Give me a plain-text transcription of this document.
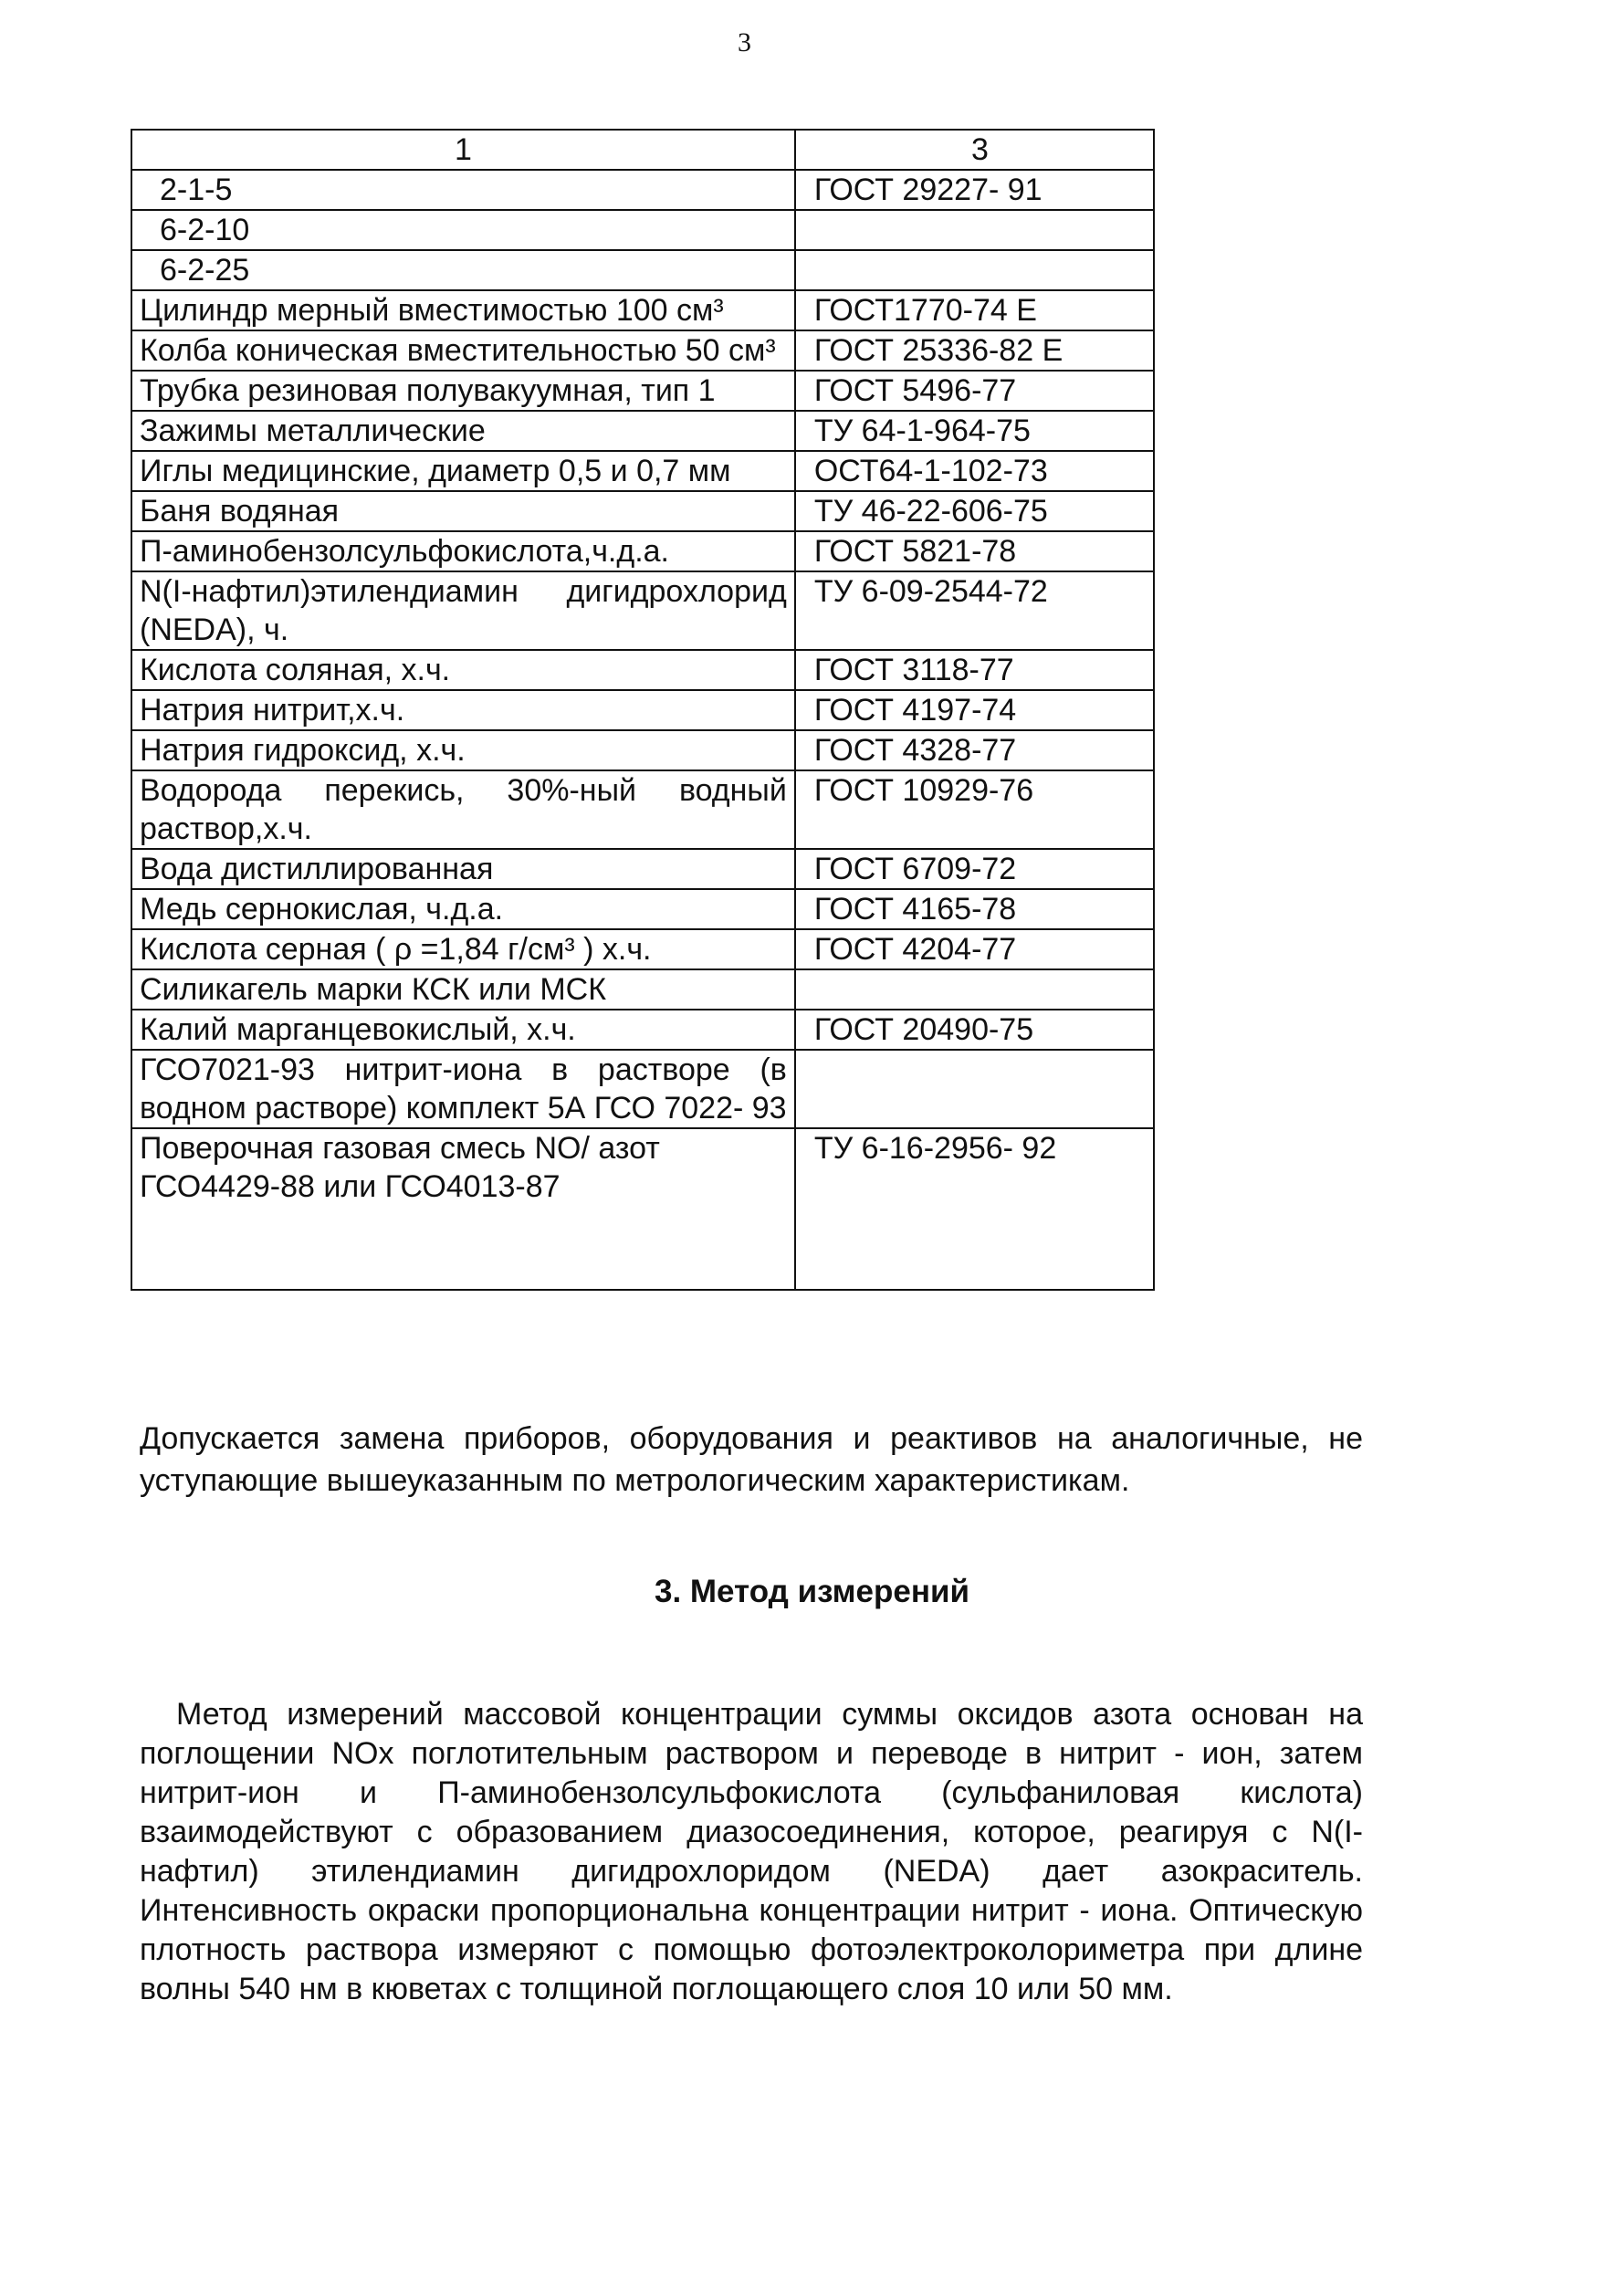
3
1	3
2-1-5	ГОСТ 29227- 91
6-2-10	
6-2-25	
Цилиндр мерный вместимостью 100 см³	ГОСТ1770-74 Е
Колба коническая вместительностью 50 см³	ГОСТ 25336-82 Е
Трубка резиновая полувакуумная, тип 1	ГОСТ 5496-77
Зажимы металлические	ТУ 64-1-964-75
Иглы медицинские, диаметр 0,5 и 0,7 мм	ОСТ64-1-102-73
Баня водяная	ТУ 46-22-606-75
П-аминобензолсульфокислота,ч.д.а.	ГОСТ 5821-78
N(I-нафтил)этилендиамин дигидрохлорид (NEDA), ч.	ТУ 6-09-2544-72
Кислота соляная, х.ч.	ГОСТ 3118-77
Натрия нитрит,х.ч.	ГОСТ 4197-74
Натрия гидроксид, х.ч.	ГОСТ 4328-77
Водорода перекись, 30%-ный водный раствор,х.ч.	ГОСТ 10929-76
Вода дистиллированная	ГОСТ 6709-72
Медь сернокислая, ч.д.а.	ГОСТ 4165-78
Кислота серная ( ρ =1,84 г/см³ ) х.ч.	ГОСТ 4204-77
Силикагель марки КСК или МСК	
Калий марганцевокислый, х.ч.	ГОСТ 20490-75
ГСО7021-93 нитрит-иона в растворе (в водном растворе) комплект 5А ГСО 7022- 93	
Поверочная газовая смесь NO/ азот ГСО4429-88 или ГСО4013-87	ТУ 6-16-2956- 92
Допускается замена приборов, оборудования и реактивов на аналогичные, не уступающие вышеуказанным по метрологическим характеристикам.
3. Метод измерений

Метод измерений массовой концентрации суммы оксидов азота основан на поглощении NOx поглотительным раствором и переводе в нитрит - ион, затем нитрит-ион и П-аминобензолсульфокислота (сульфаниловая кислота) взаимодействуют с образованием диазосоединения, которое, реагируя с N(I-нафтил) этилендиамин дигидрохлоридом (NEDA) дает азокраситель. Интенсивность окраски пропорциональна концентрации нитрит - иона. Оптическую плотность раствора измеряют с помощью фотоэлектроколориметра при длине волны 540 нм в кюветах с толщиной поглощающего слоя 10 или 50 мм.
